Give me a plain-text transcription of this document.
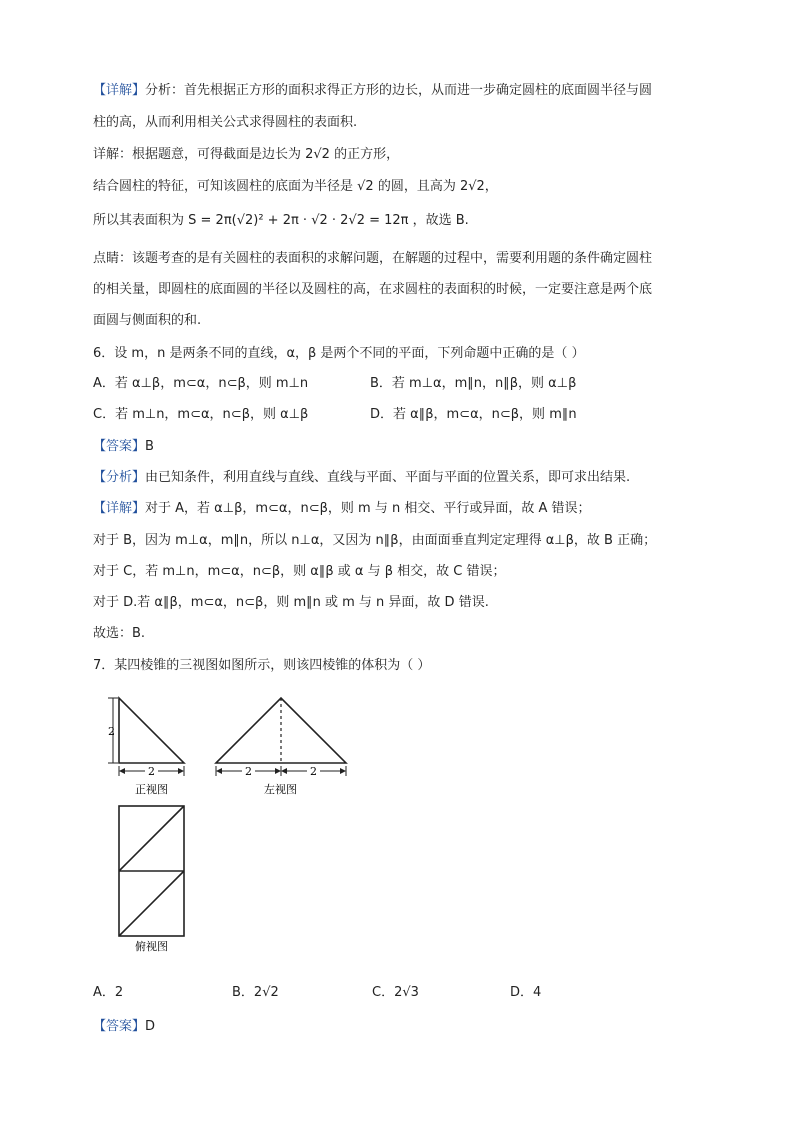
【详解】分析：首先根据正方形的面积求得正方形的边长，从而进一步确定圆柱的底面圆半径与圆
柱的高，从而利用相关公式求得圆柱的表面积.
详解：根据题意，可得截面是边长为 2√2 的正方形，
结合圆柱的特征，可知该圆柱的底面为半径是 √2 的圆，且高为 2√2，
所以其表面积为 S = 2π(√2)² + 2π · √2 · 2√2 = 12π ，故选 B.
点睛：该题考查的是有关圆柱的表面积的求解问题，在解题的过程中，需要利用题的条件确定圆柱
的相关量，即圆柱的底面圆的半径以及圆柱的高，在求圆柱的表面积的时候，一定要注意是两个底
面圆与侧面积的和.
6．设 m，n 是两条不同的直线，α，β 是两个不同的平面，下列命题中正确的是（ ）
A．若 α⊥β，m⊂α，n⊂β，则 m⊥n	B．若 m⊥α，m∥n，n∥β，则 α⊥β
C．若 m⊥n，m⊂α，n⊂β，则 α⊥β	D．若 α∥β，m⊂α，n⊂β，则 m∥n
【答案】B
【分析】由已知条件，利用直线与直线、直线与平面、平面与平面的位置关系，即可求出结果.
【详解】对于 A，若 α⊥β，m⊂α，n⊂β，则 m 与 n 相交、平行或异面，故 A 错误；
对于 B，因为 m⊥α，m∥n，所以 n⊥α，又因为 n∥β，由面面垂直判定定理得 α⊥β，故 B 正确；
对于 C，若 m⊥n，m⊂α，n⊂β，则 α∥β 或 α 与 β 相交，故 C 错误；
对于 D.若 α∥β，m⊂α，n⊂β，则 m∥n 或 m 与 n 异面，故 D 错误.
故选：B.
7．某四棱锥的三视图如图所示，则该四棱锥的体积为（ ）
2
2
正视图
2	2
左视图
俯视图
A．2	B．2√2	C．2√3	D．4
【答案】D
